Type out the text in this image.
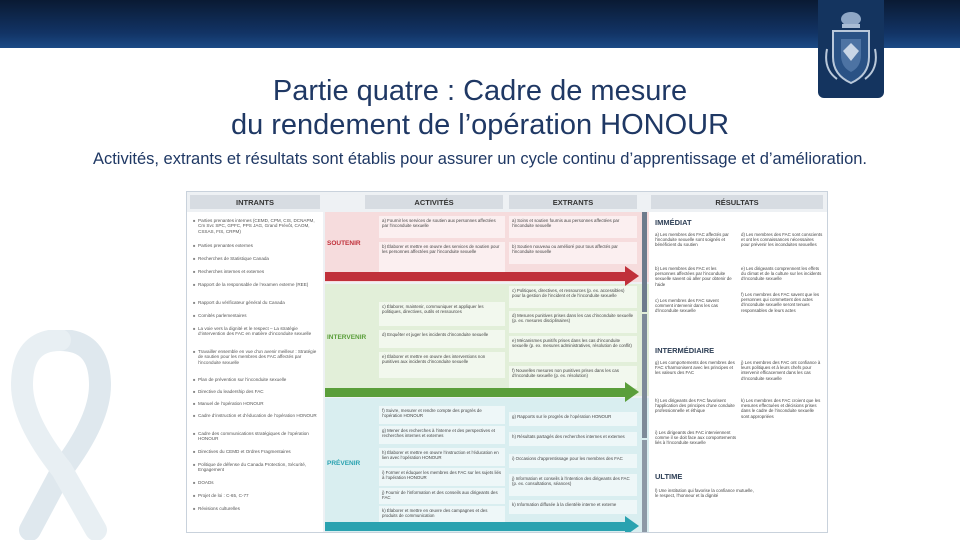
Partie quatre : Cadre de mesure
du rendement de l’opération HONOUR
Activités, extrants et résultats sont établis pour assurer un cycle continu d’apprentissage et d’amélioration.
INTRANTS	ACTIVITÉS	EXTRANTS	RÉSULTATS
■ Parties prenantes internes (CEMD, CPM, CIS, DCNAPM, Cm Svc SPC, GPFC, PPS JAG, Grand Prévôt, CAOM, CSSAS, FIS, CRPM)
■ Parties prenantes externes
■ Recherches de Statistique Canada
■ Recherches internes et externes
■ Rapport de la responsable de l’examen externe (REE)
■ Rapport du vérificateur général du Canada
■ Comités parlementaires
■ La voie vers la dignité et le respect – La stratégie d’intervention des FAC en matière d’inconduite sexuelle
■ Travailler ensemble en vue d’un avenir meilleur : Stratégie de soutien pour les membres des FAC affectés par l’inconduite sexuelle
■ Plan de prévention sur l’inconduite sexuelle
■ Directive du leadership des FAC
■ Manuel de l’opération HONOUR
■ Cadre d’instruction et d’éducation de l’opération HONOUR
■ Cadre des communications stratégiques de l’opération HONOUR
■ Directives du CEMD et Ordres Fragmentaires
■ Politique de défense du Canada Protection, Sécurité, Engagement
■ DOADs
■ Projet de loi : C-65, C-77
■ Révisions culturelles
SOUTENIR
INTERVENIR
PRÉVENIR
a) Fournir les services de soutien aux personnes affectées par l’inconduite sexuelle
b) Élaborer et mettre en œuvre des services de soutien pour les personnes affectées par l’inconduite sexuelle
c) Élaborer, maintenir, communiquer et appliquer les politiques, directives, outils et ressources
d) Enquêter et juger les incidents d’inconduite sexuelle
e) Élaborer et mettre en œuvre des interventions non punitives aux incidents d’inconduite sexuelle
f) Suivre, mesurer et rendre compte des progrès de l’opération HONOUR
g) Mener des recherches à l’interne et des perspectives et recherches internes et externes
h) Élaborer et mettre en œuvre l’instruction et l’éducation en lien avec l’opération HONOUR
i) Former et éduquer les membres des FAC sur les sujets liés à l’opération HONOUR
j) Fournir de l’information et des conseils aux dirigeants des FAC
k) Élaborer et mettre en œuvre des campagnes et des produits de communication
a) Soins et soutien fournis aux personnes affectées par l’inconduite sexuelle
b) Soutien nouveau ou amélioré pour tous affectés par l’inconduite sexuelle
c) Politiques, directives, et ressources (p. ex. accessibles) pour la gestion de l’incident et de l’inconduite sexuelle
d) Mesures punitives prises dans les cas d’inconduite sexuelle (p. ex. mesures disciplinaires)
e) Mécanismes punitifs prises dans les cas d’inconduite sexuelle (p. ex. mesures administratives, résolution de conflit)
f) Nouvelles mesures non punitives prises dans les cas d’inconduite sexuelle (p. ex. résolution)
g) Rapports sur le progrès de l’opération HONOUR
h) Résultats partagés des recherches internes et externes
i) Occasions d’apprentissage pour les membres des FAC
j) Information et conseils à l’intention des dirigeants des FAC (p. ex. consultations, séances)
k) Information diffusée à la clientèle interne et externe
IMMÉDIAT
a) Les membres des FAC affectés par l’inconduite sexuelle sont soignés et bénéficient du soutien
d) Les membres des FAC sont conscients et ont les connaissances nécessaires pour prévenir les inconduites sexuelles
b) Les membres des FAC et les personnes affectées par l’inconduite sexuelle savent où aller pour obtenir de l’aide
e) Les dirigeants comprennent les effets du climat et de la culture sur les incidents d’inconduite sexuelle
c) Les membres des FAC savent comment intervenir dans les cas d’inconduite sexuelle
f) Les membres des FAC savent que les personnes qui commettent des actes d’inconduite sexuelle seront tenues responsables de leurs actes
INTERMÉDIAIRE
g) Les comportements des membres des FAC s’harmonisent avec les principes et les valeurs des FAC
j) Les membres des FAC ont confiance à leurs politiques et à leurs chefs pour intervenir efficacement dans les cas d’inconduite sexuelle
h) Les dirigeants des FAC favorisent l’application des principes d’une conduite professionnelle et éthique
k) Les membres des FAC croient que les mesures effectuées et décisions prises dans le cadre de l’inconduite sexuelle sont appropriées
i) Les dirigeants des FAC interviennent comme il se doit face aux comportements liés à l’inconduite sexuelle
ULTIME
l) Une institution qui favorise la confiance mutuelle, le respect, l’honneur et la dignité
